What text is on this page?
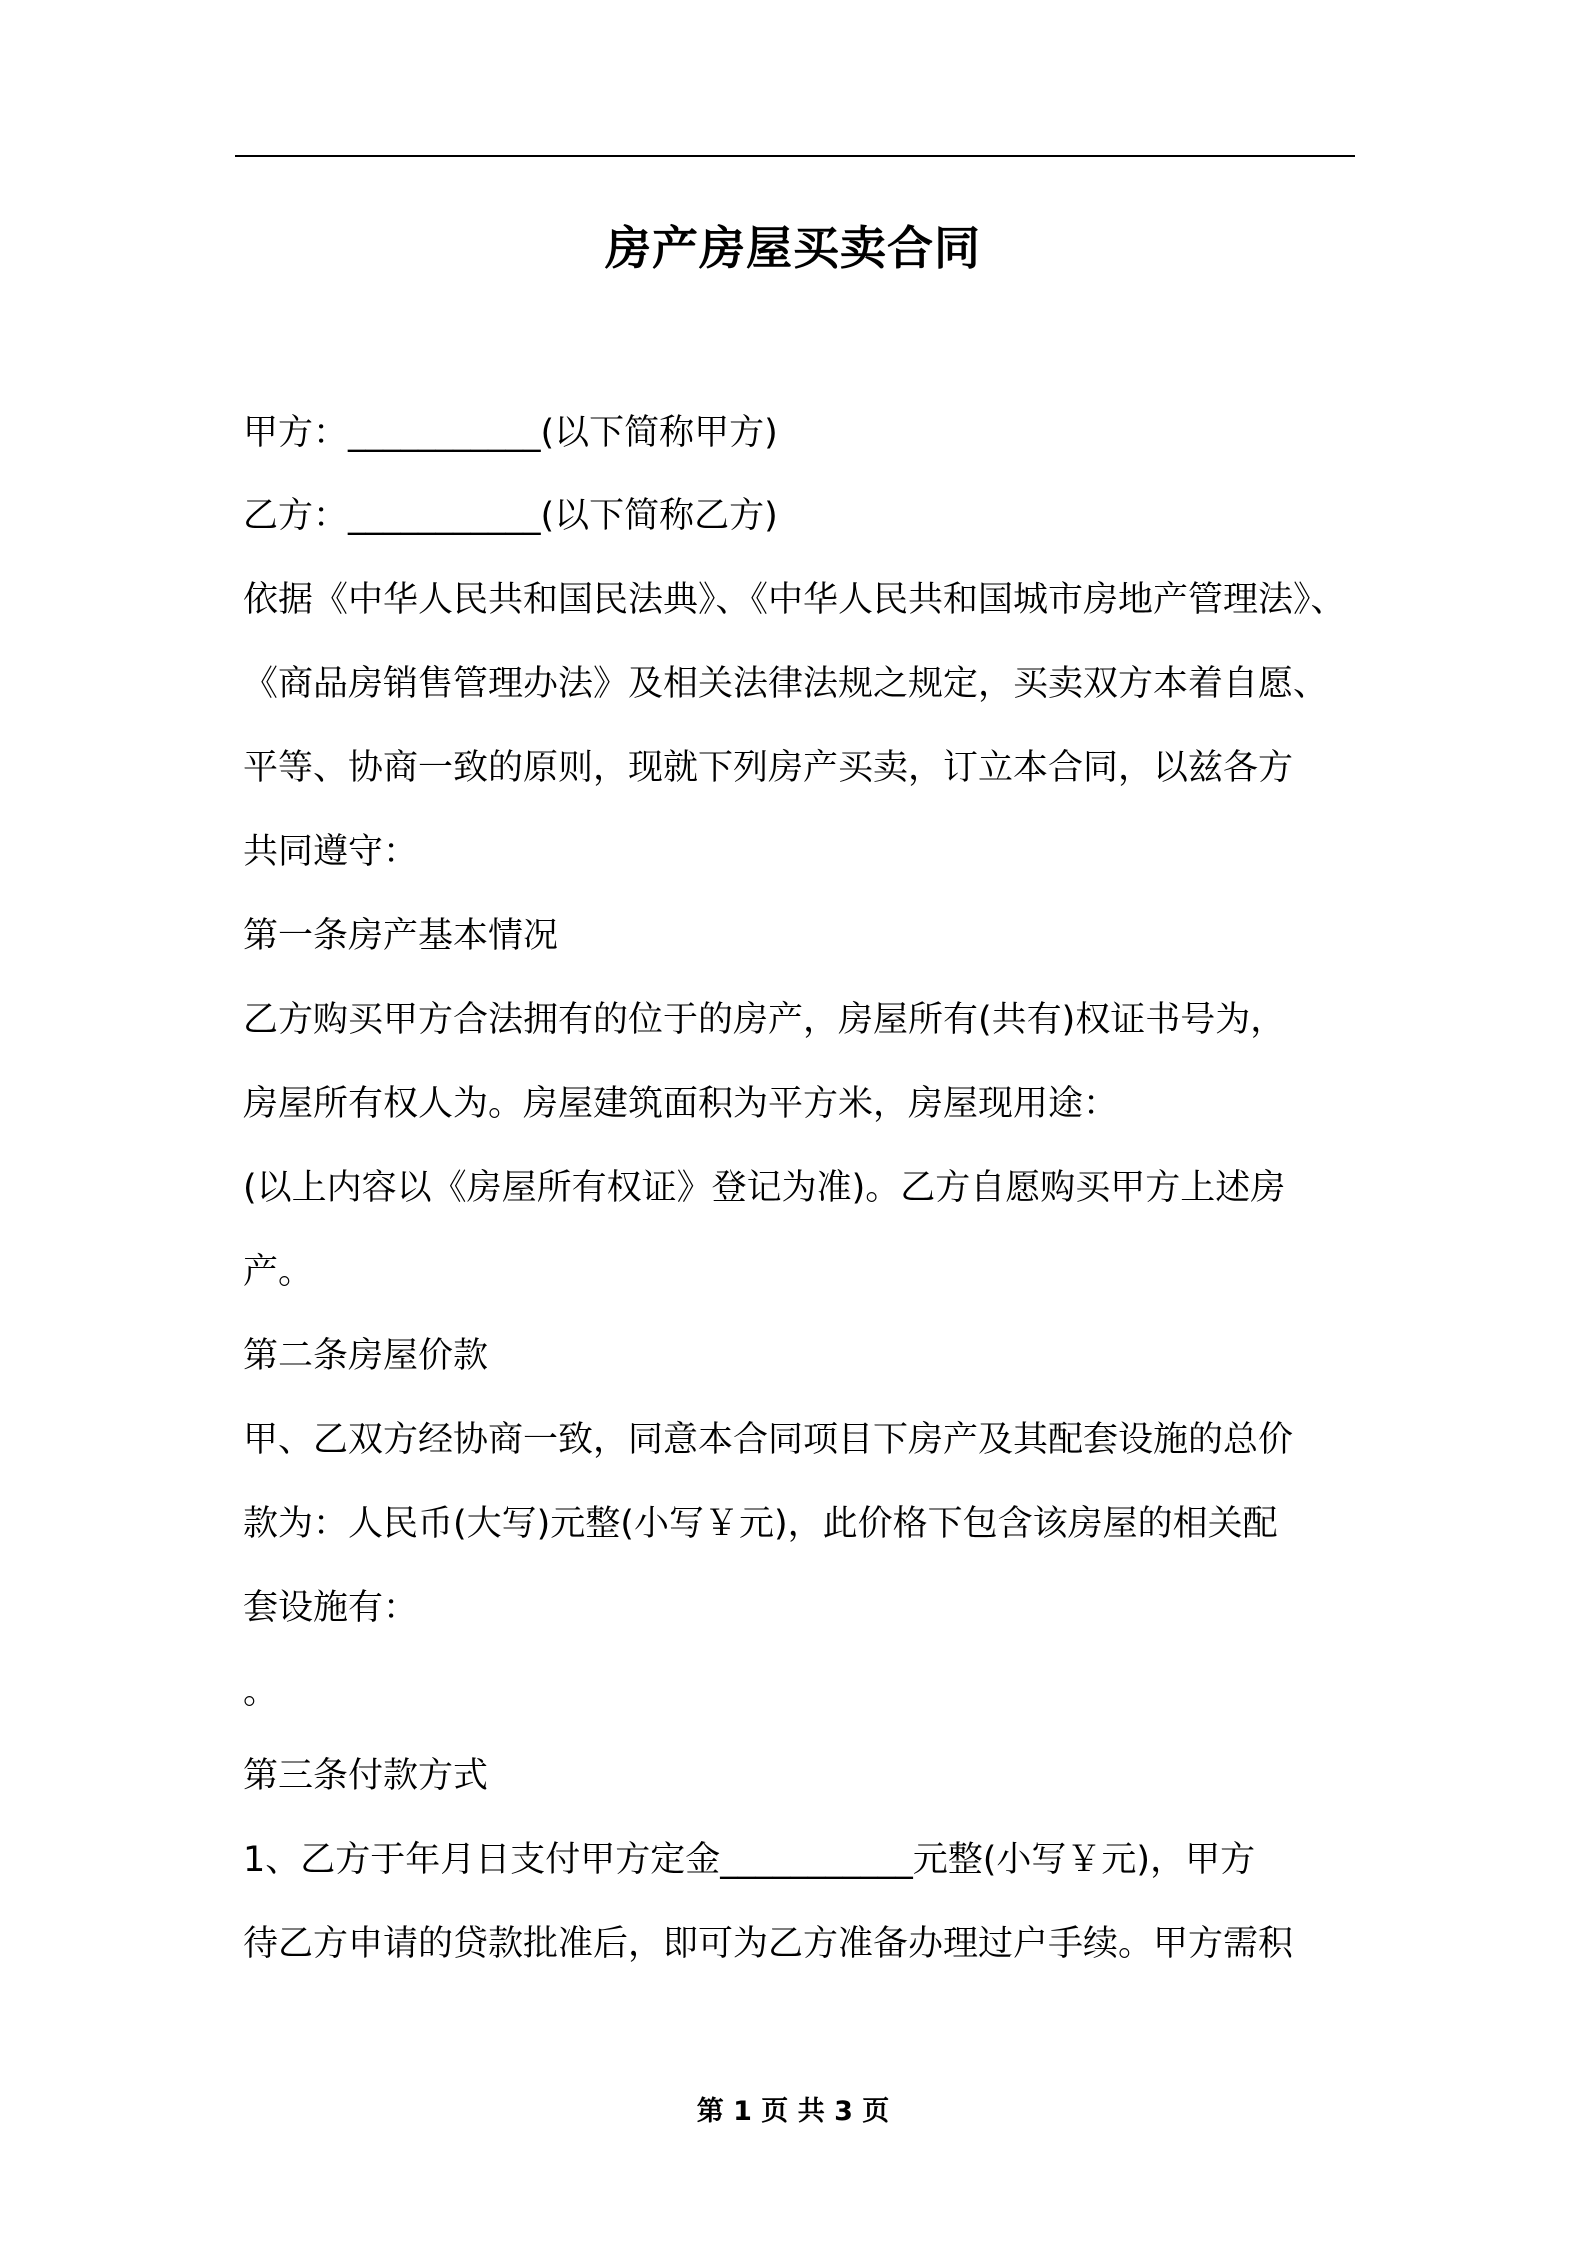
房产房屋买卖合同
甲方：___________(以下简称甲方)
乙方：___________(以下简称乙方)
依据《中华人民共和国民法典》、《中华人民共和国城市房地产管理法》、
《商品房销售管理办法》及相关法律法规之规定，买卖双方本着自愿、
平等、协商一致的原则，现就下列房产买卖，订立本合同，以兹各方
共同遵守：
第一条房产基本情况
乙方购买甲方合法拥有的位于的房产，房屋所有(共有)权证书号为，
房屋所有权人为。房屋建筑面积为平方米，房屋现用途：
(以上内容以《房屋所有权证》登记为准)。乙方自愿购买甲方上述房
产。
第二条房屋价款
甲、乙双方经协商一致，同意本合同项目下房产及其配套设施的总价
款为：人民币(大写)元整(小写￥元)，此价格下包含该房屋的相关配
套设施有：
。
第三条付款方式
1、乙方于年月日支付甲方定金___________元整(小写￥元)，甲方
待乙方申请的贷款批准后，即可为乙方准备办理过户手续。甲方需积
第 1 页 共 3 页
